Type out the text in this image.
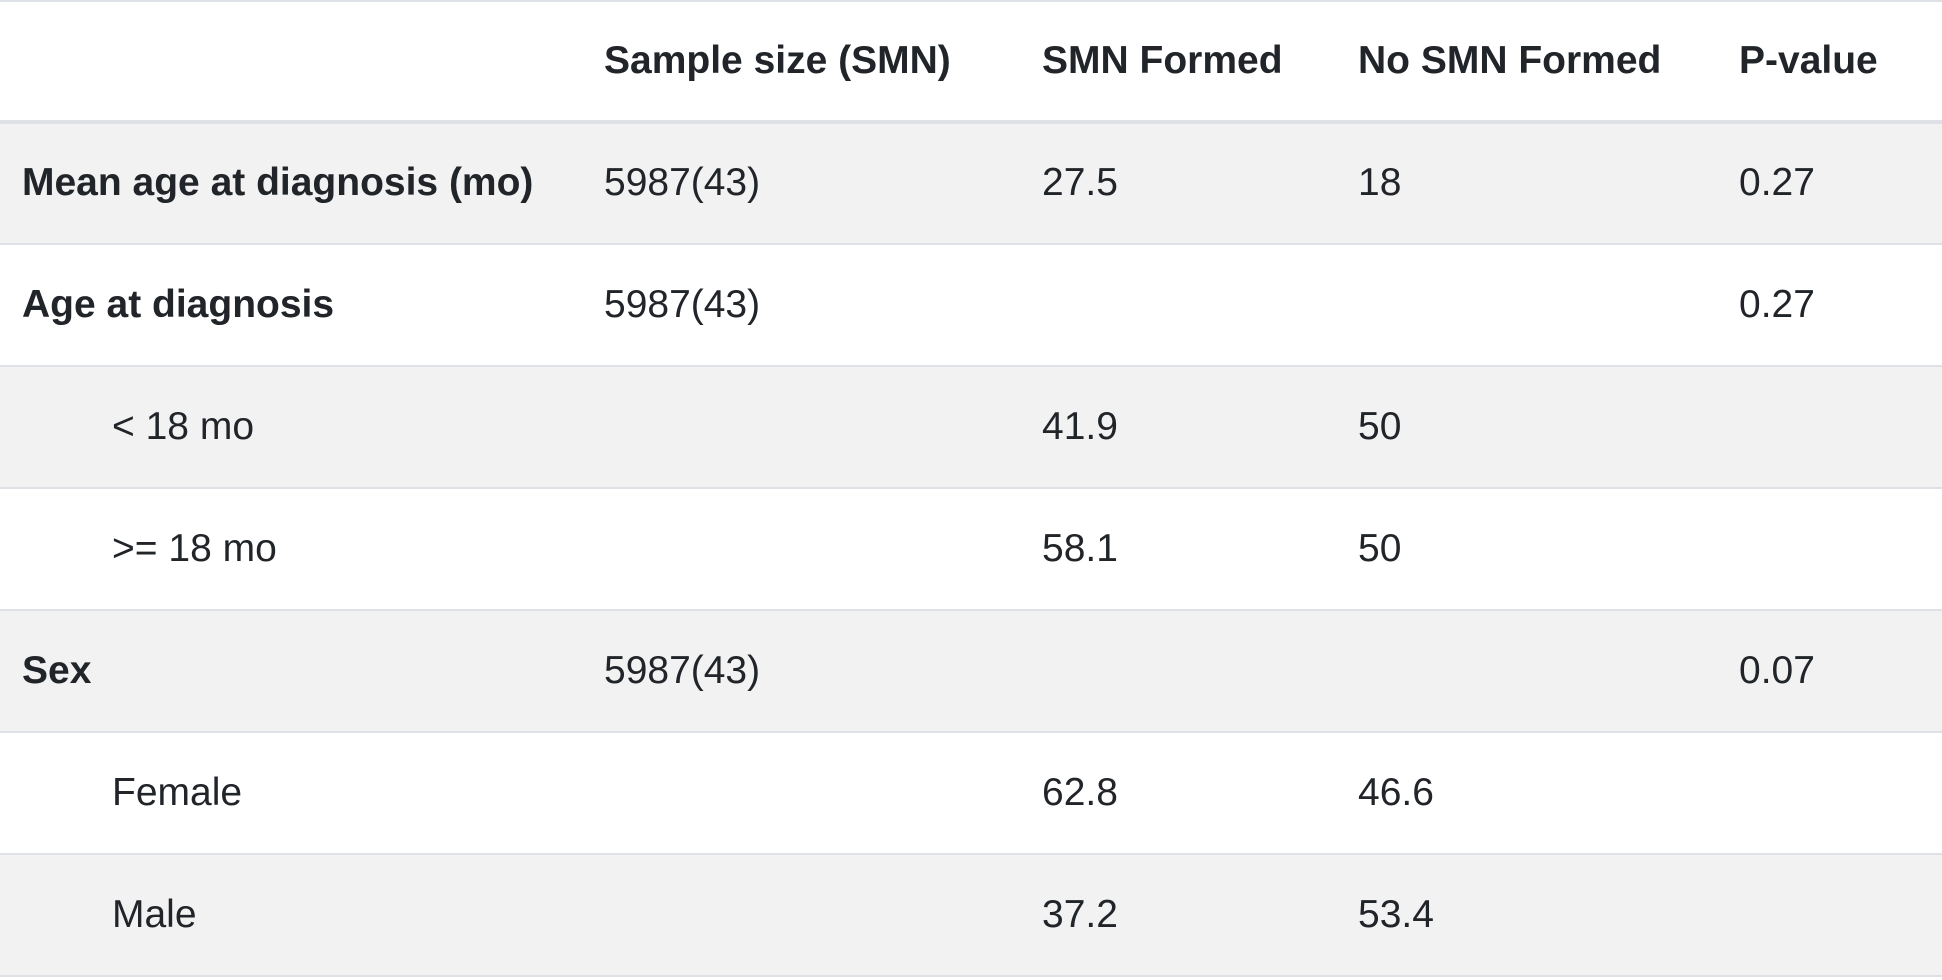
	Sample size (SMN)	SMN Formed	No SMN Formed	P-value
Mean age at diagnosis (mo)	5987(43)	27.5	18	0.27
Age at diagnosis	5987(43)			0.27
< 18 mo		41.9	50	
>= 18 mo		58.1	50	
Sex	5987(43)			0.07
Female		62.8	46.6	
Male		37.2	53.4	
